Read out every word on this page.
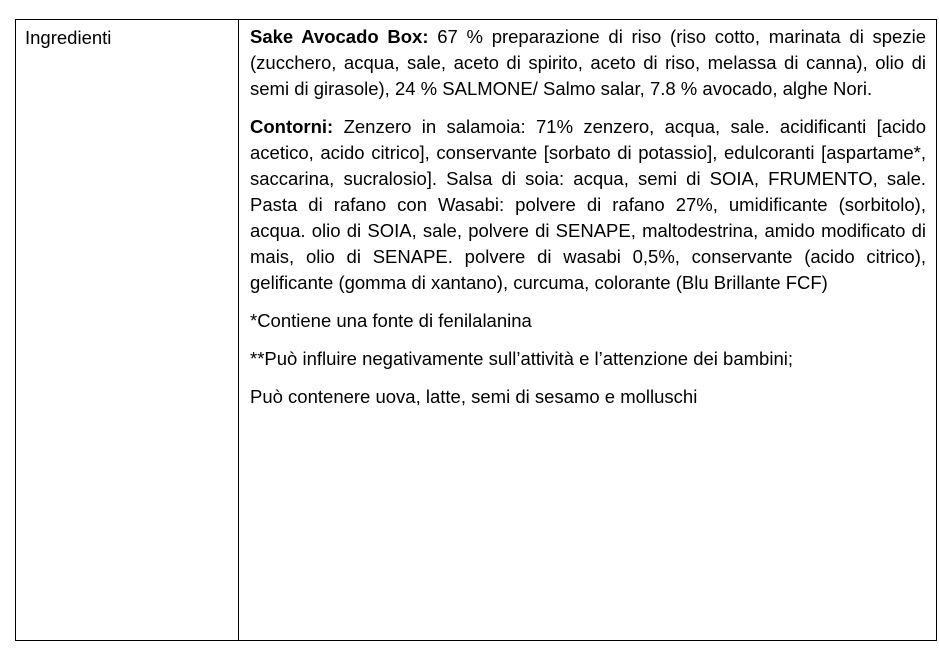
Ingredienti	Sake Avocado Box: 67 % preparazione di riso (riso cotto, marinata di spezie (zucchero, acqua, sale, aceto di spirito, aceto di riso, melassa di canna), olio di semi di girasole), 24 % SALMONE/ Salmo salar, 7.8 % avocado, alghe Nori.

Contorni: Zenzero in salamoia: 71% zenzero, acqua, sale. acidificanti [acido acetico, acido citrico], conservante [sorbato di potassio], edulcoranti [aspartame*, saccarina, sucralosio]. Salsa di soia: acqua, semi di SOIA, FRUMENTO, sale. Pasta di rafano con Wasabi: polvere di rafano 27%, umidificante (sorbitolo), acqua. olio di SOIA, sale, polvere di SENAPE, maltodestrina, amido modificato di mais, olio di SENAPE. polvere di wasabi 0,5%, conservante (acido citrico), gelificante (gomma di xantano), curcuma, colorante (Blu Brillante FCF)

*Contiene una fonte di fenilalanina

**Può influire negativamente sull’attività e l’attenzione dei bambini;

Può contenere uova, latte, semi di sesamo e molluschi
